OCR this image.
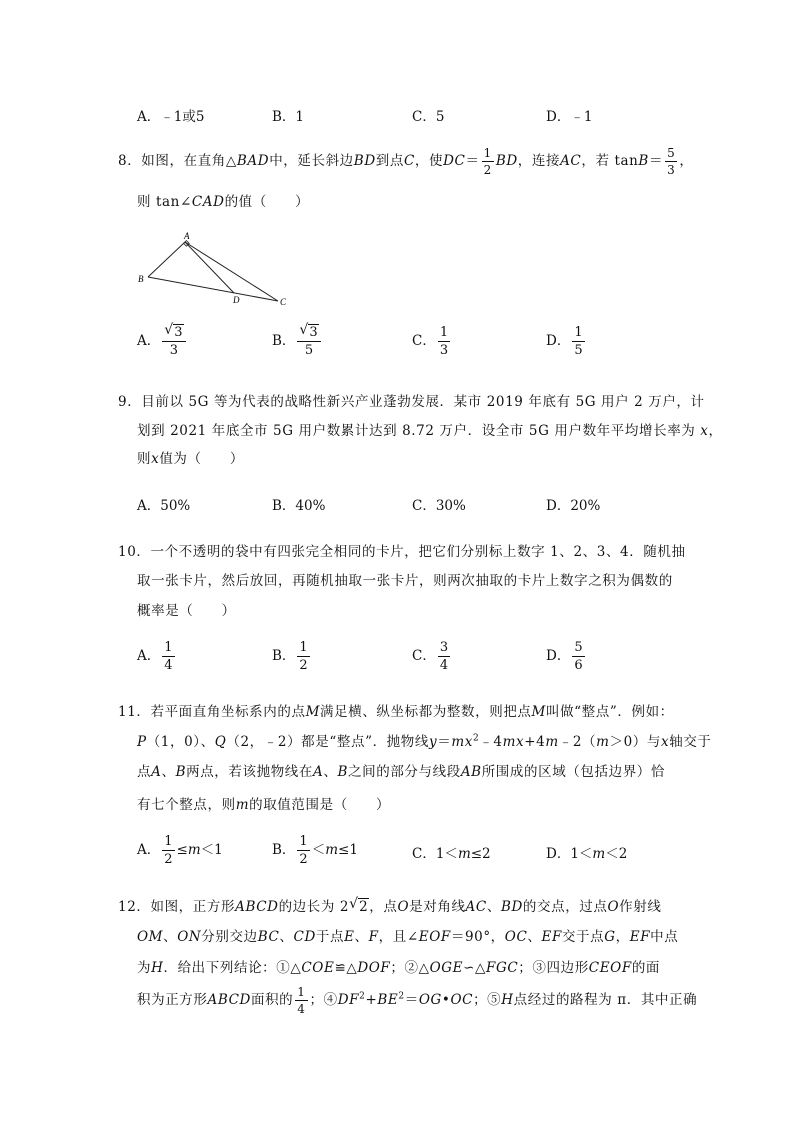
A．﹣1或5	B．1	C．5	D．﹣1
8．如图，在直角△BAD中，延长斜边BD到点C，使$DC= \frac{1}{2}$ BD，连接AC，若 $\tan B= \frac{5}{3}$ ，
则 tan∠CAD的值（　　）
A
B
D	C
A． $\frac{√ 3}{3}$	B． $\frac{√ 3}{5}$	C． $\frac{1}{3}$	D． $\frac{1}{5}$
9．目前以 5G 等为代表的战略性新兴产业蓬勃发展．某市 2019 年底有 5G 用户 2 万户，计
划到 2021 年底全市 5G 用户数累计达到 8.72 万户．设全市 5G 用户数年平均增长率为 x，
则x值为（　　）
A．50%	B．40%	C．30%	D．20%
10．一个不透明的袋中有四张完全相同的卡片，把它们分别标上数字 1、2、3、4．随机抽
取一张卡片，然后放回，再随机抽取一张卡片，则两次抽取的卡片上数字之积为偶数的
概率是（　　）
A． $\frac{1}{4}$	B． $\frac{1}{2}$	C． $\frac{3}{4}$	D． $\frac{5}{6}$
11．若平面直角坐标系内的点M满足横、纵坐标都为整数，则把点M叫做“整点”．例如：
P（1，0）、Q（2，﹣2）都是“整点”．抛物线$y=mx^2﹣4mx+4m﹣2(m>0)$与x轴交于
点A、B两点，若该抛物线在A、B之间的部分与线段AB所围成的区域（包括边界）恰
有七个整点，则m的取值范围是（　　）
A． $\frac{1}{2} \le m<1$	B． $\frac{1}{2} <m\le 1$	C．1＜m≤2	D．1＜m＜2
12．如图，正方形ABCD的边长为 2 √ 2，点O是对角线AC、BD的交点，过点O作射线
OM、ON分别交边BC、CD于点E、F，且∠EOF＝90°，OC、EF交于点G，EF中点
为H．给出下列结论：①△COE≌△DOF；②△OGE∽△FGC；③四边形CEOF的面
积为正方形ABCD面积的 $\frac{1}{4}$ ；$④DF^2+BE^2=OG•OC$；⑤H点经过的路程为 π．其中正确
